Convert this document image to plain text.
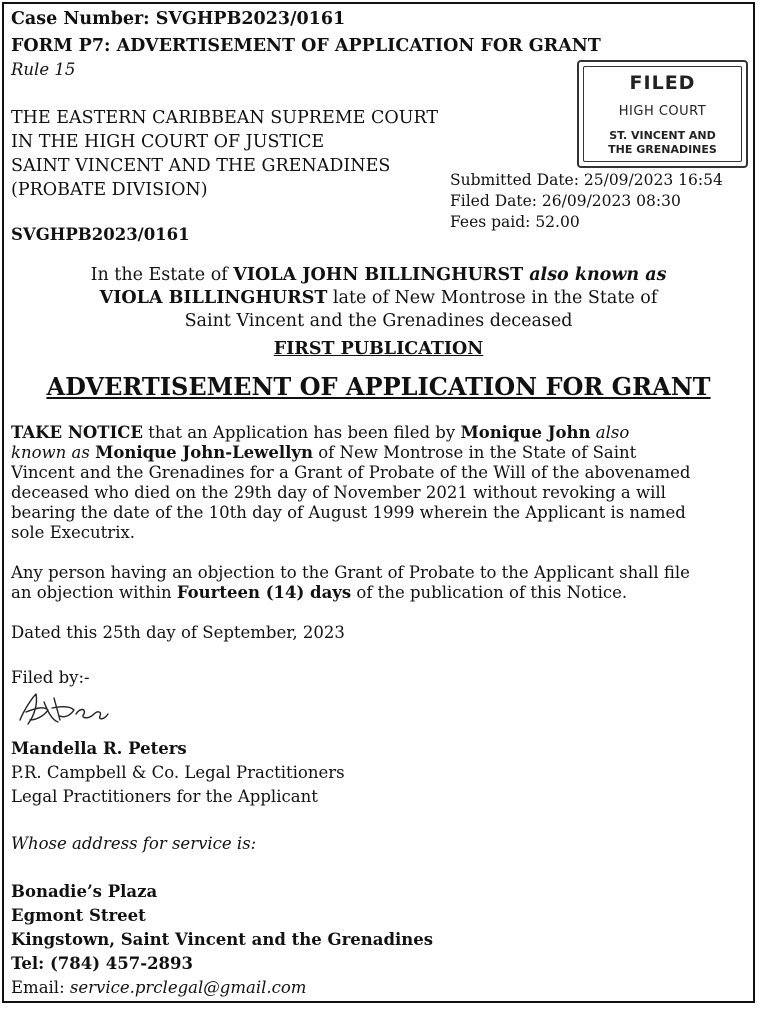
Case Number: SVGHPB2023/0161
FORM P7: ADVERTISEMENT OF APPLICATION FOR GRANT
Rule 15
THE EASTERN CARIBBEAN SUPREME COURT
IN THE HIGH COURT OF JUSTICE
SAINT VINCENT AND THE GRENADINES
(PROBATE DIVISION)
SVGHPB2023/0161
FILED
HIGH COURT
ST. VINCENT AND
THE GRENADINES
Submitted Date: 25/09/2023 16:54
Filed Date: 26/09/2023 08:30
Fees paid: 52.00
In the Estate of VIOLA JOHN BILLINGHURST also known as
VIOLA BILLINGHURST late of New Montrose in the State of
Saint Vincent and the Grenadines deceased
FIRST PUBLICATION
ADVERTISEMENT OF APPLICATION FOR GRANT
TAKE NOTICE that an Application has been filed by Monique John also
known as Monique John-Lewellyn of New Montrose in the State of Saint
Vincent and the Grenadines for a Grant of Probate of the Will of the abovenamed
deceased who died on the 29th day of November 2021 without revoking a will
bearing the date of the 10th day of August 1999 wherein the Applicant is named
sole Executrix.
Any person having an objection to the Grant of Probate to the Applicant shall file
an objection within Fourteen (14) days of the publication of this Notice.
Dated this 25th day of September, 2023
Filed by:-
Mandella R. Peters
P.R. Campbell & Co. Legal Practitioners
Legal Practitioners for the Applicant
Whose address for service is:
Bonadie’s Plaza
Egmont Street
Kingstown, Saint Vincent and the Grenadines
Tel: (784) 457-2893
Email: service.prclegal@gmail.com
